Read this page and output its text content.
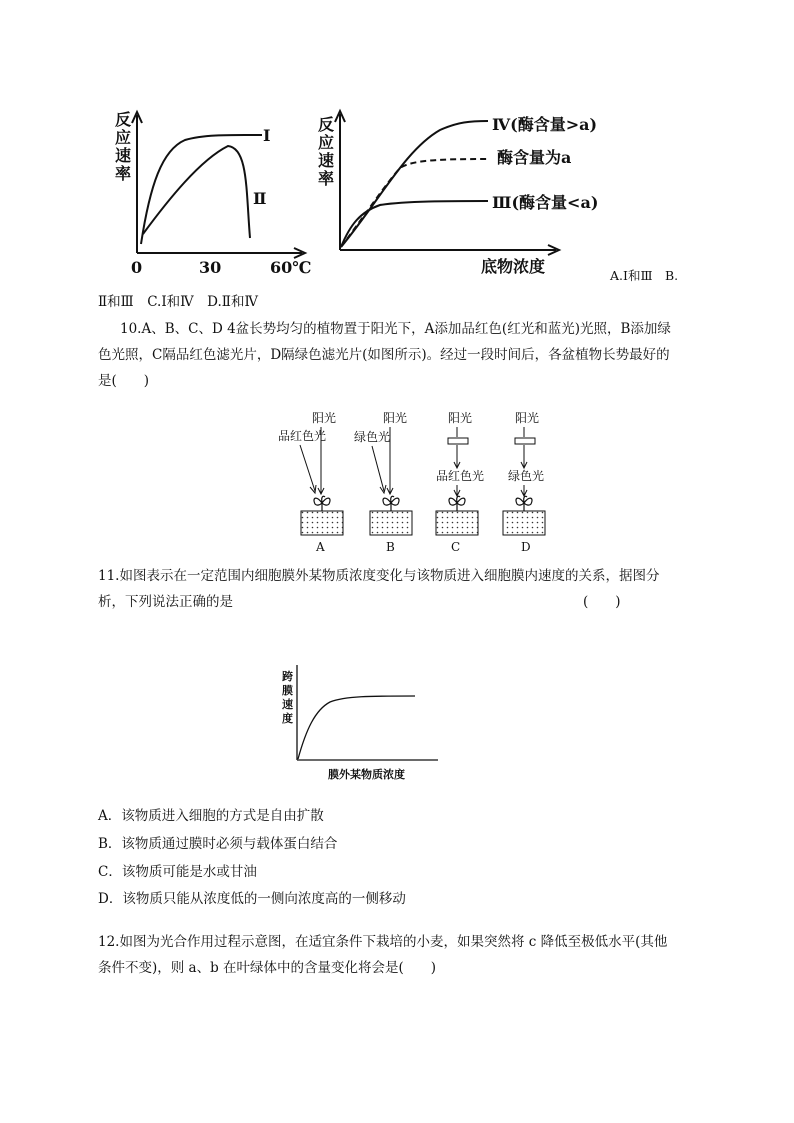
反
应
速
率
0	30	60℃
Ⅰ
Ⅱ
反
应
速
率
底物浓度
Ⅳ(酶含量>a)
酶含量为a
Ⅲ(酶含量<a)
A.Ⅰ和Ⅲ　B.
Ⅱ和Ⅲ　C.Ⅰ和Ⅳ　D.Ⅱ和Ⅳ
10.A、B、C、D 4盆长势均匀的植物置于阳光下，A添加品红色(红光和蓝光)光照，B添加绿
色光照，C隔品红色滤光片，D隔绿色滤光片(如图所示)。经过一段时间后，各盆植物长势最好的
是(　　)
阳光
品红色光
阳光
绿色光
阳光
品红色光
阳光
绿色光
A	B	C	D
11.如图表示在一定范围内细胞膜外某物质浓度变化与该物质进入细胞膜内速度的关系，据图分
析，下列说法正确的是	(　　)
跨
膜
速
度
膜外某物质浓度
A．该物质进入细胞的方式是自由扩散
B．该物质通过膜时必须与载体蛋白结合
C．该物质可能是水或甘油
D．该物质只能从浓度低的一侧向浓度高的一侧移动
12.如图为光合作用过程示意图，在适宜条件下栽培的小麦，如果突然将 c 降低至极低水平(其他
条件不变)，则 a、b 在叶绿体中的含量变化将会是(　　)
